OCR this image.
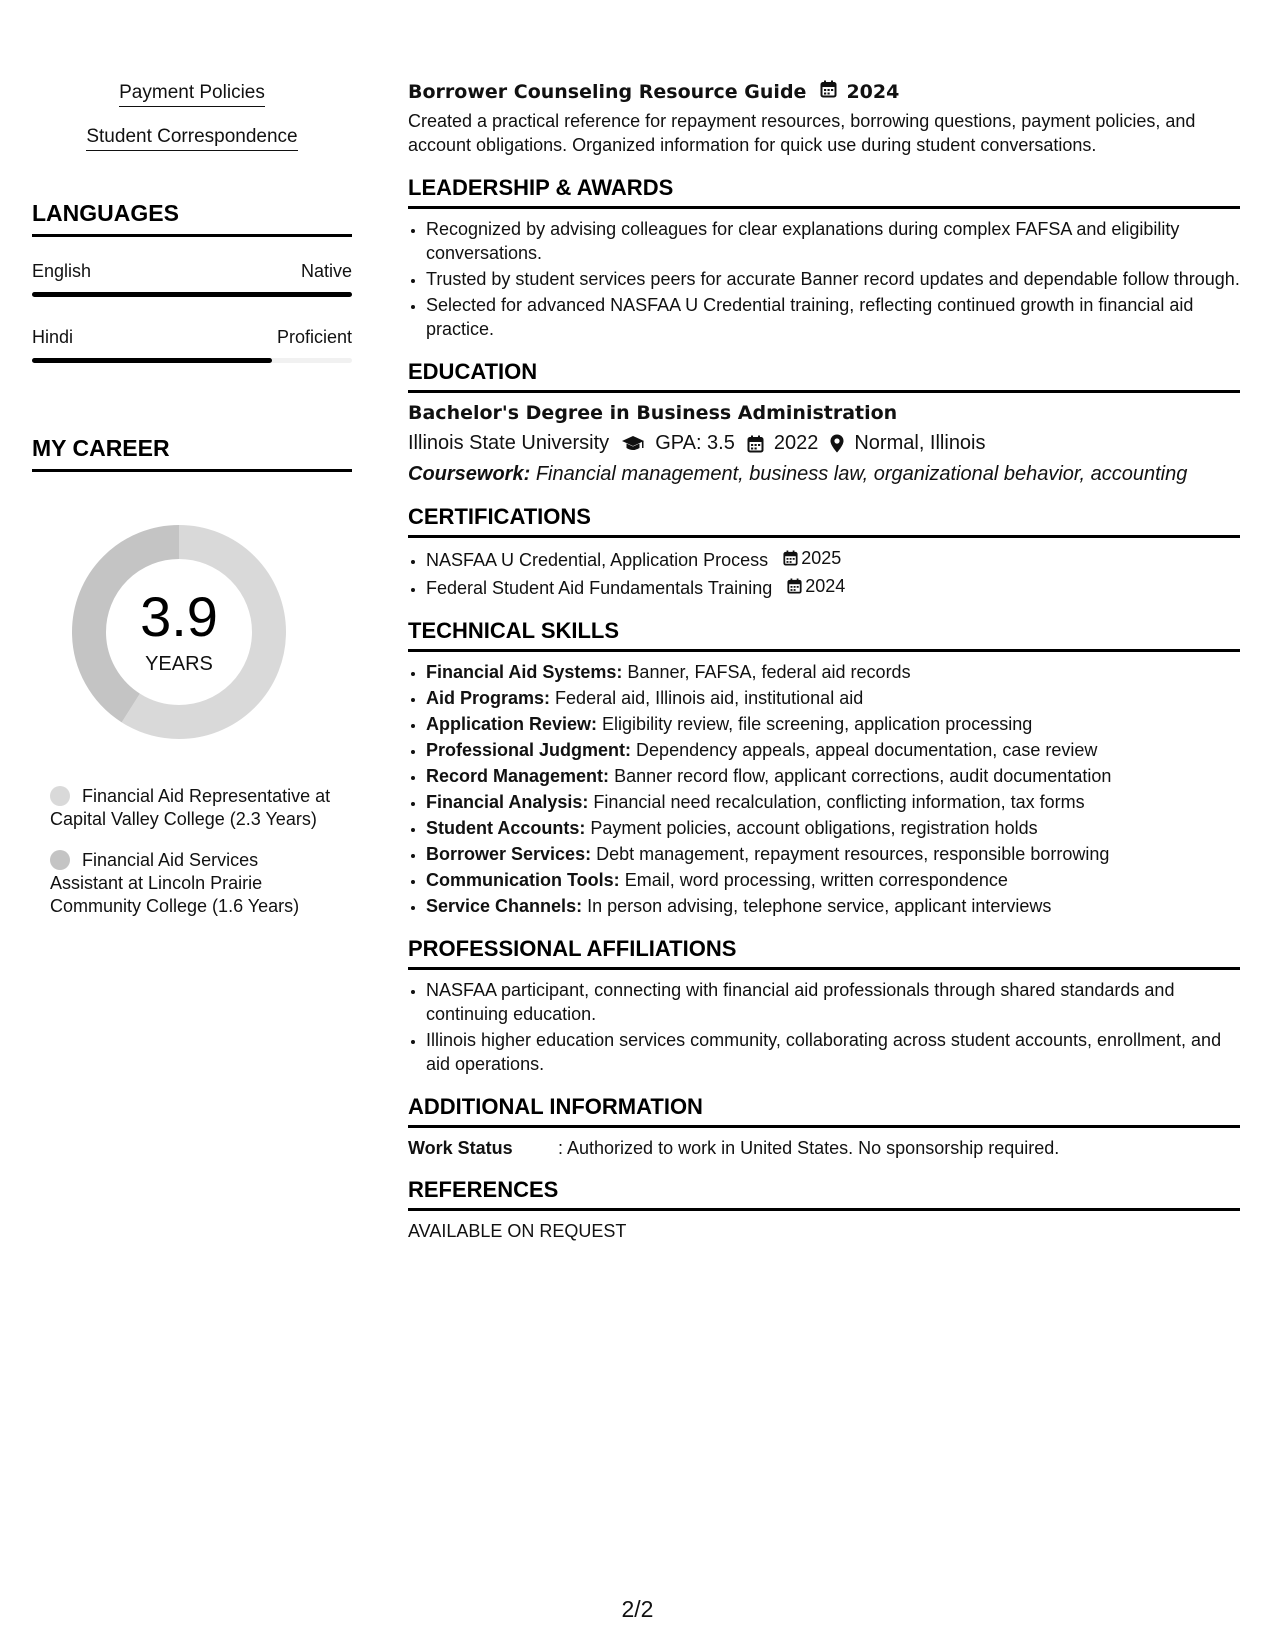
Payment Policies
Student Correspondence
LANGUAGES
English	Native
Hindi	Proficient
MY CAREER
3.9
YEARS
Financial Aid Representative at Capital Valley College (2.3 Years)
Financial Aid Services Assistant at Lincoln Prairie Community College (1.6 Years)
Borrower Counseling Resource Guide 2024
Created a practical reference for repayment resources, borrowing questions, payment policies, and account obligations. Organized information for quick use during student conversations.
LEADERSHIP & AWARDS
• Recognized by advising colleagues for clear explanations during complex FAFSA and eligibility conversations.
• Trusted by student services peers for accurate Banner record updates and dependable follow through.
• Selected for advanced NASFAA U Credential training, reflecting continued growth in financial aid practice.
EDUCATION
Bachelor's Degree in Business Administration
Illinois State University GPA: 3.5 2022 Normal, Illinois
Coursework: Financial management, business law, organizational behavior, accounting
CERTIFICATIONS
• NASFAA U Credential, Application Process 2025
• Federal Student Aid Fundamentals Training 2024
TECHNICAL SKILLS
• Financial Aid Systems: Banner, FAFSA, federal aid records
• Aid Programs: Federal aid, Illinois aid, institutional aid
• Application Review: Eligibility review, file screening, application processing
• Professional Judgment: Dependency appeals, appeal documentation, case review
• Record Management: Banner record flow, applicant corrections, audit documentation
• Financial Analysis: Financial need recalculation, conflicting information, tax forms
• Student Accounts: Payment policies, account obligations, registration holds
• Borrower Services: Debt management, repayment resources, responsible borrowing
• Communication Tools: Email, word processing, written correspondence
• Service Channels: In person advising, telephone service, applicant interviews
PROFESSIONAL AFFILIATIONS
• NASFAA participant, connecting with financial aid professionals through shared standards and continuing education.
• Illinois higher education services community, collaborating across student accounts, enrollment, and aid operations.
ADDITIONAL INFORMATION
Work Status	: Authorized to work in United States. No sponsorship required.
REFERENCES
AVAILABLE ON REQUEST
2/2
